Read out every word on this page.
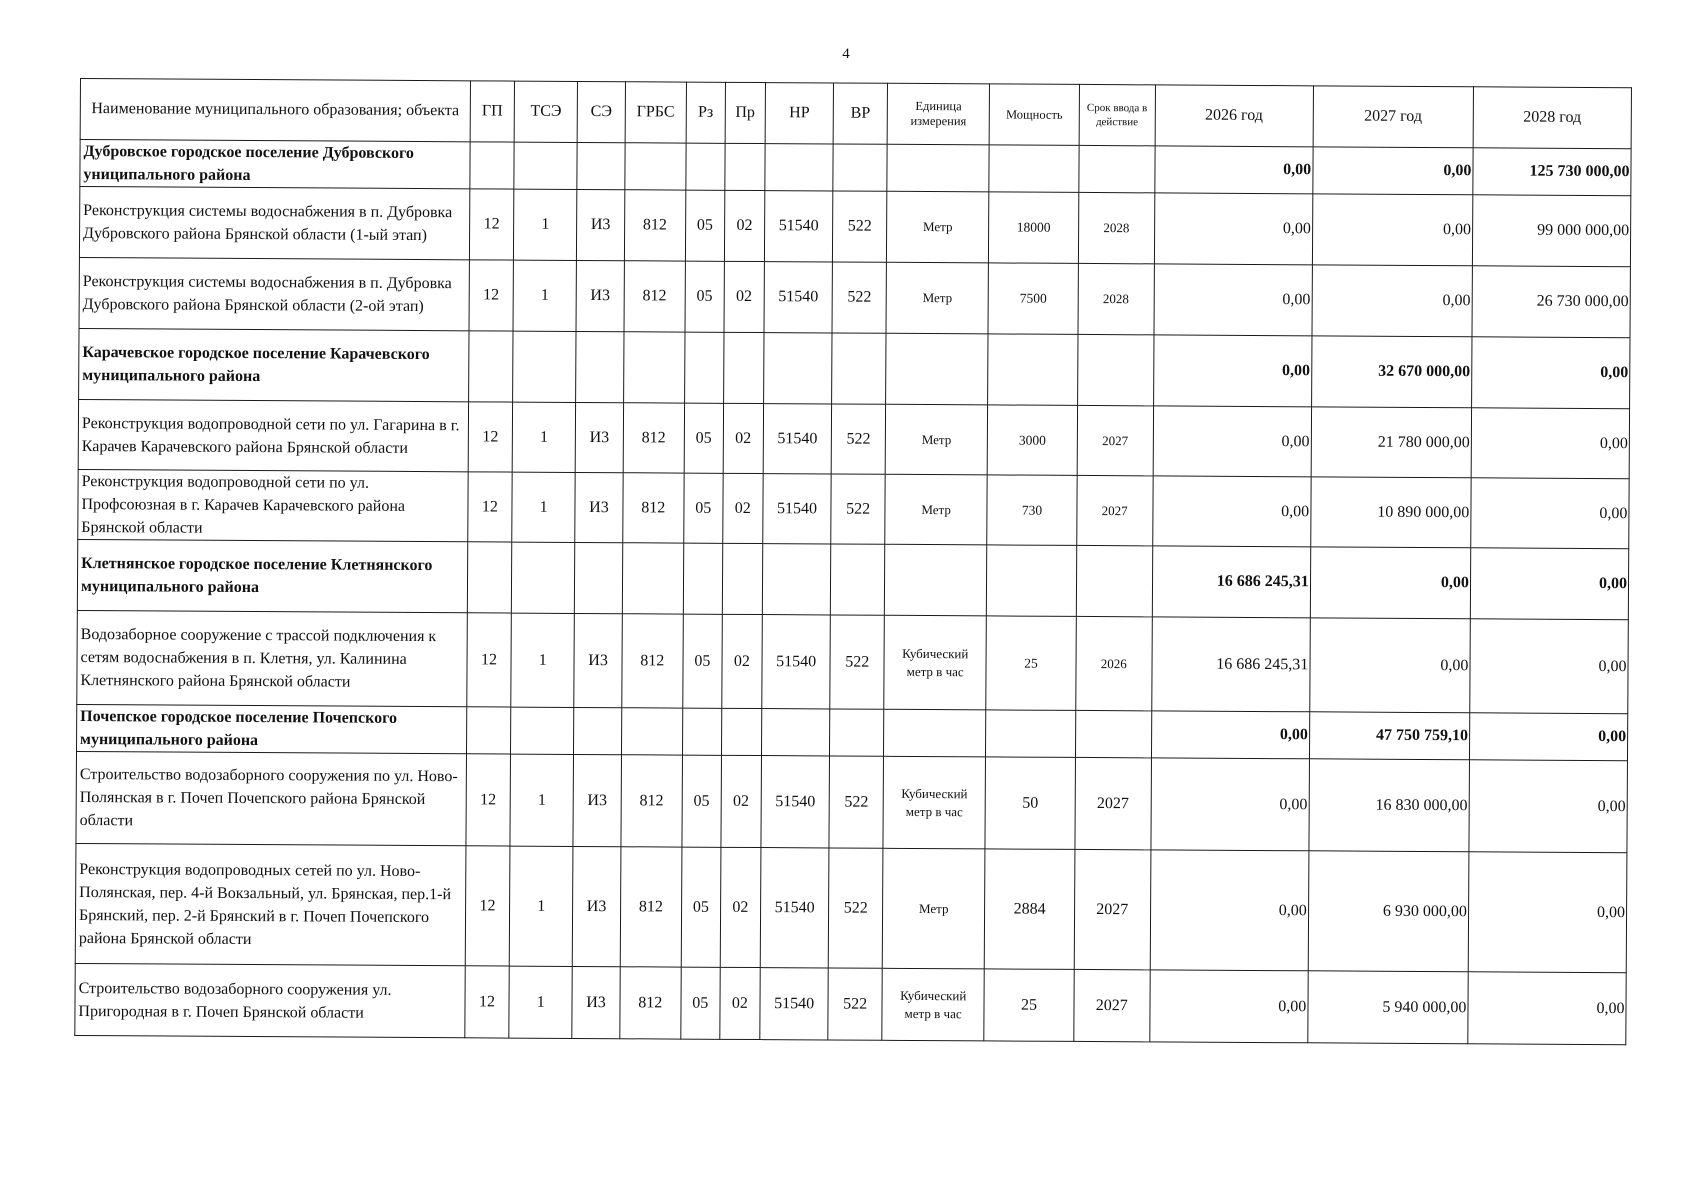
4
Наименование муниципального образования; объекта	ГП	ТСЭ	СЭ	ГРБС	Рз	Пр	НР	ВР	Единица измерения	Мощность	Срок ввода в действие	2026 год	2027 год	2028 год
Дубровское городское поселение Дубровского униципального района												0,00	0,00	125 730 000,00
Реконструкция системы водоснабжения в п. Дубровка Дубровского района Брянской области (1-ый этап)	12	1	И3	812	05	02	51540	522	Метр	18000	2028	0,00	0,00	99 000 000,00
Реконструкция системы водоснабжения в п. Дубровка Дубровского района Брянской области (2-ой этап)	12	1	И3	812	05	02	51540	522	Метр	7500	2028	0,00	0,00	26 730 000,00
Карачевское городское поселение Карачевского муниципального района												0,00	32 670 000,00	0,00
Реконструкция водопроводной сети по ул. Гагарина в г. Карачев Карачевского района Брянской области	12	1	И3	812	05	02	51540	522	Метр	3000	2027	0,00	21 780 000,00	0,00
Реконструкция водопроводной сети по ул. Профсоюзная в г. Карачев Карачевского района Брянской области	12	1	И3	812	05	02	51540	522	Метр	730	2027	0,00	10 890 000,00	0,00
Клетнянское городское поселение Клетнянского муниципального района												16 686 245,31	0,00	0,00
Водозаборное сооружение с трассой подключения к сетям водоснабжения в п. Клетня, ул. Калинина Клетнянского района Брянской области	12	1	И3	812	05	02	51540	522	Кубический метр в час	25	2026	16 686 245,31	0,00	0,00
Почепское городское поселение Почепского муниципального района												0,00	47 750 759,10	0,00
Строительство водозаборного сооружения по ул. Ново-Полянская в г. Почеп Почепского района Брянской области	12	1	И3	812	05	02	51540	522	Кубический метр в час	50	2027	0,00	16 830 000,00	0,00
Реконструкция водопроводных сетей по ул. Ново-Полянская, пер. 4-й Вокзальный, ул. Брянская, пер.1-й Брянский, пер. 2-й Брянский в г. Почеп Почепского района Брянской области	12	1	И3	812	05	02	51540	522	Метр	2884	2027	0,00	6 930 000,00	0,00
Строительство водозаборного сооружения ул. Пригородная в г. Почеп Брянской области	12	1	И3	812	05	02	51540	522	Кубический метр в час	25	2027	0,00	5 940 000,00	0,00
